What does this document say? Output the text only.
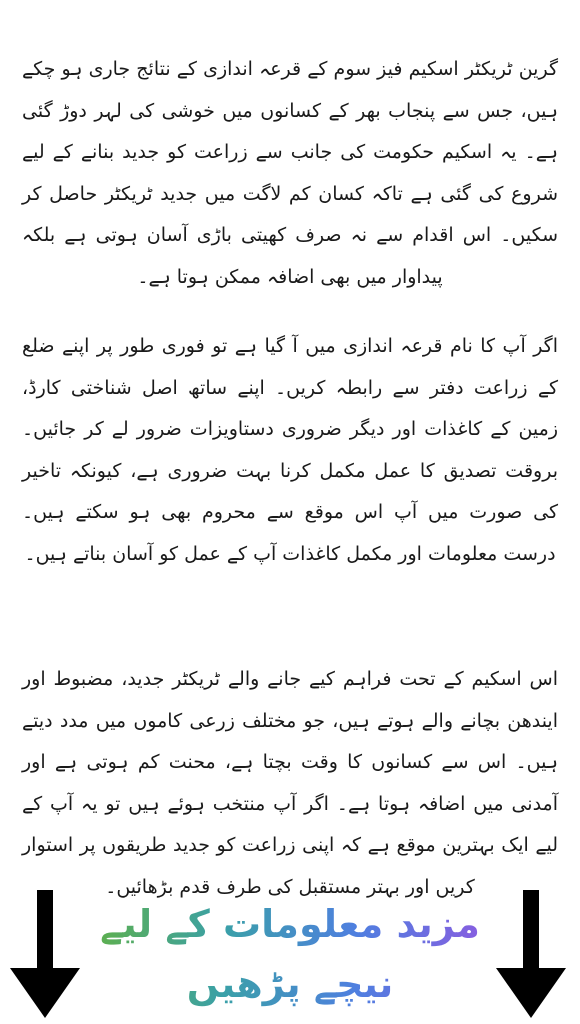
گرین ٹریکٹر اسکیم فیز سوم کے قرعہ اندازی کے نتائج جاری ہو چکے ہیں، جس سے پنجاب بھر کے کسانوں میں خوشی کی لہر دوڑ گئی ہے۔ یہ اسکیم حکومت کی جانب سے زراعت کو جدید بنانے کے لیے شروع کی گئی ہے تاکہ کسان کم لاگت میں جدید ٹریکٹر حاصل کر سکیں۔ اس اقدام سے نہ صرف کھیتی باڑی آسان ہوتی ہے بلکہ پیداوار میں بھی اضافہ ممکن ہوتا ہے۔

اگر آپ کا نام قرعہ اندازی میں آ گیا ہے تو فوری طور پر اپنے ضلع کے زراعت دفتر سے رابطہ کریں۔ اپنے ساتھ اصل شناختی کارڈ، زمین کے کاغذات اور دیگر ضروری دستاویزات ضرور لے کر جائیں۔ بروقت تصدیق کا عمل مکمل کرنا بہت ضروری ہے، کیونکہ تاخیر کی صورت میں آپ اس موقع سے محروم بھی ہو سکتے ہیں۔ درست معلومات اور مکمل کاغذات آپ کے عمل کو آسان بناتے ہیں۔

اس اسکیم کے تحت فراہم کیے جانے والے ٹریکٹر جدید، مضبوط اور ایندھن بچانے والے ہوتے ہیں، جو مختلف زرعی کاموں میں مدد دیتے ہیں۔ اس سے کسانوں کا وقت بچتا ہے، محنت کم ہوتی ہے اور آمدنی میں اضافہ ہوتا ہے۔ اگر آپ منتخب ہوئے ہیں تو یہ آپ کے لیے ایک بہترین موقع ہے کہ اپنی زراعت کو جدید طریقوں پر استوار کریں اور بہتر مستقبل کی طرف قدم بڑھائیں۔

مزید معلومات کے لیے
نیچے پڑھیں
